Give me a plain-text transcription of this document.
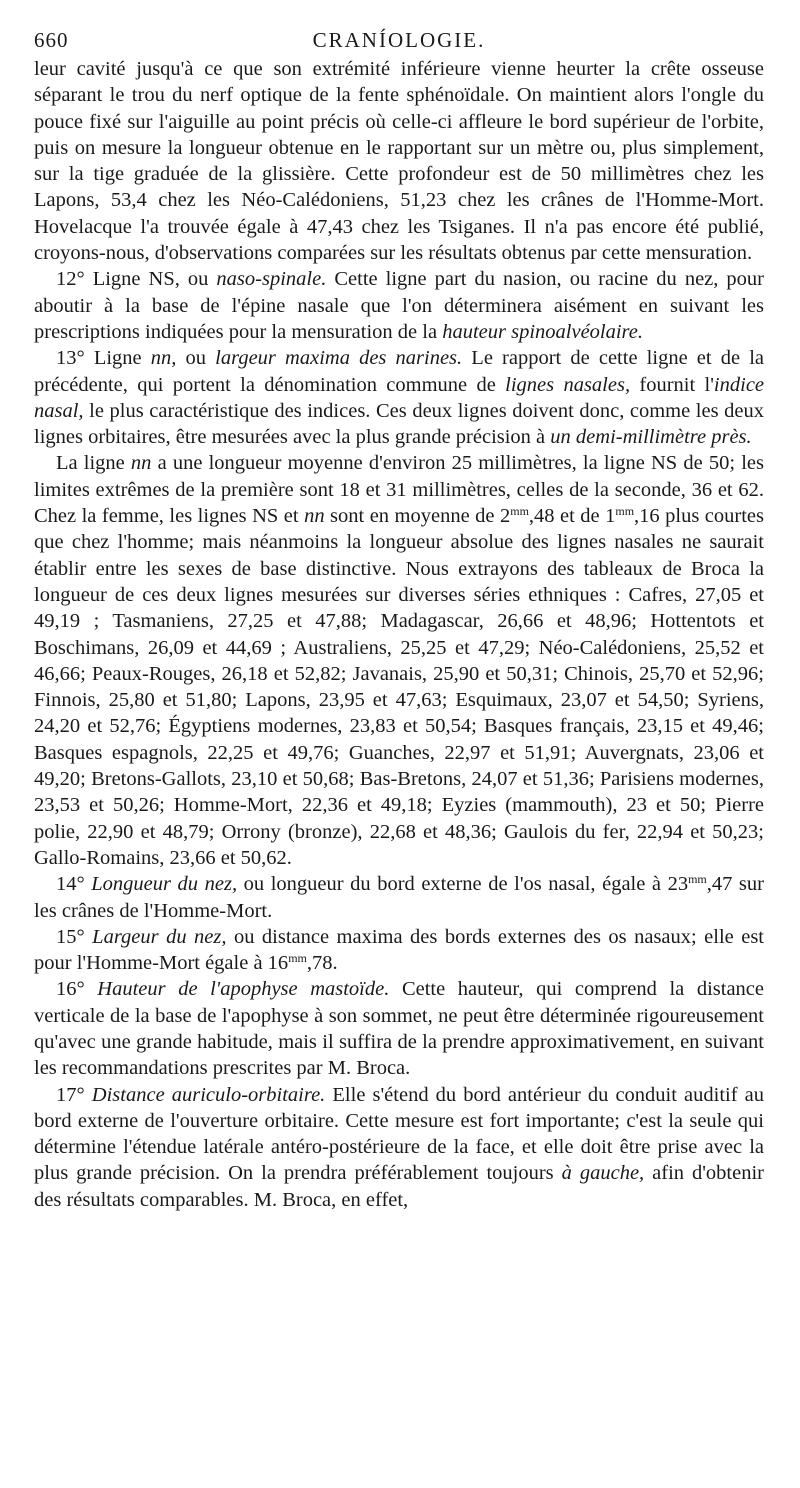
660	CRANÍOLOGIE.

leur cavité jusqu'à ce que son extrémité inférieure vienne heurter la crête osseuse séparant le trou du nerf optique de la fente sphénoïdale. On maintient alors l'ongle du pouce fixé sur l'aiguille au point précis où celle-ci affleure le bord supérieur de l'orbite, puis on mesure la longueur obtenue en le rapportant sur un mètre ou, plus simplement, sur la tige graduée de la glissière. Cette profondeur est de 50 millimètres chez les Lapons, 53,4 chez les Néo-Calédoniens, 51,23 chez les crânes de l'Homme-Mort. Hovelacque l'a trouvée égale à 47,43 chez les Tsiganes. Il n'a pas encore été publié, croyons-nous, d'observations comparées sur les résultats obtenus par cette mensuration.

12° Ligne NS, ou naso-spinale. Cette ligne part du nasion, ou racine du nez, pour aboutir à la base de l'épine nasale que l'on déterminera aisément en suivant les prescriptions indiquées pour la mensuration de la hauteur spinoalvéolaire.

13° Ligne nn, ou largeur maxima des narines. Le rapport de cette ligne et de la précédente, qui portent la dénomination commune de lignes nasales, fournit l'indice nasal, le plus caractéristique des indices. Ces deux lignes doivent donc, comme les deux lignes orbitaires, être mesurées avec la plus grande précision à un demi-millimètre près.

La ligne nn a une longueur moyenne d'environ 25 millimètres, la ligne NS de 50; les limites extrêmes de la première sont 18 et 31 millimètres, celles de la seconde, 36 et 62. Chez la femme, les lignes NS et nn sont en moyenne de $2^{mm},48$ et de $1^{mm},16$ plus courtes que chez l'homme; mais néanmoins la longueur absolue des lignes nasales ne saurait établir entre les sexes de base distinctive. Nous extrayons des tableaux de Broca la longueur de ces deux lignes mesurées sur diverses séries ethniques : Cafres, 27,05 et 49,19 ; Tasmaniens, 27,25 et 47,88; Madagascar, 26,66 et 48,96; Hottentots et Boschimans, 26,09 et 44,69 ; Australiens, 25,25 et 47,29; Néo-Calédoniens, 25,52 et 46,66; Peaux-Rouges, 26,18 et 52,82; Javanais, 25,90 et 50,31; Chinois, 25,70 et 52,96; Finnois, 25,80 et 51,80; Lapons, 23,95 et 47,63; Esquimaux, 23,07 et 54,50; Syriens, 24,20 et 52,76; Égyptiens modernes, 23,83 et 50,54; Basques français, 23,15 et 49,46; Basques espagnols, 22,25 et 49,76; Guanches, 22,97 et 51,91; Auvergnats, 23,06 et 49,20; Bretons-Gallots, 23,10 et 50,68; Bas-Bretons, 24,07 et 51,36; Parisiens modernes, 23,53 et 50,26; Homme-Mort, 22,36 et 49,18; Eyzies (mammouth), 23 et 50; Pierre polie, 22,90 et 48,79; Orrony (bronze), 22,68 et 48,36; Gaulois du fer, 22,94 et 50,23; Gallo-Romains, 23,66 et 50,62.

14° Longueur du nez, ou longueur du bord externe de l'os nasal, égale à $23^{mm},47$ sur les crânes de l'Homme-Mort.

15° Largeur du nez, ou distance maxima des bords externes des os nasaux; elle est pour l'Homme-Mort égale à $16^{mm},78$.

16° Hauteur de l'apophyse mastoïde. Cette hauteur, qui comprend la distance verticale de la base de l'apophyse à son sommet, ne peut être déterminée rigoureusement qu'avec une grande habitude, mais il suffira de la prendre approximativement, en suivant les recommandations prescrites par M. Broca.

17° Distance auriculo-orbitaire. Elle s'étend du bord antérieur du conduit auditif au bord externe de l'ouverture orbitaire. Cette mesure est fort importante; c'est la seule qui détermine l'étendue latérale antéro-postérieure de la face, et elle doit être prise avec la plus grande précision. On la prendra préférablement toujours à gauche, afin d'obtenir des résultats comparables. M. Broca, en effet,
